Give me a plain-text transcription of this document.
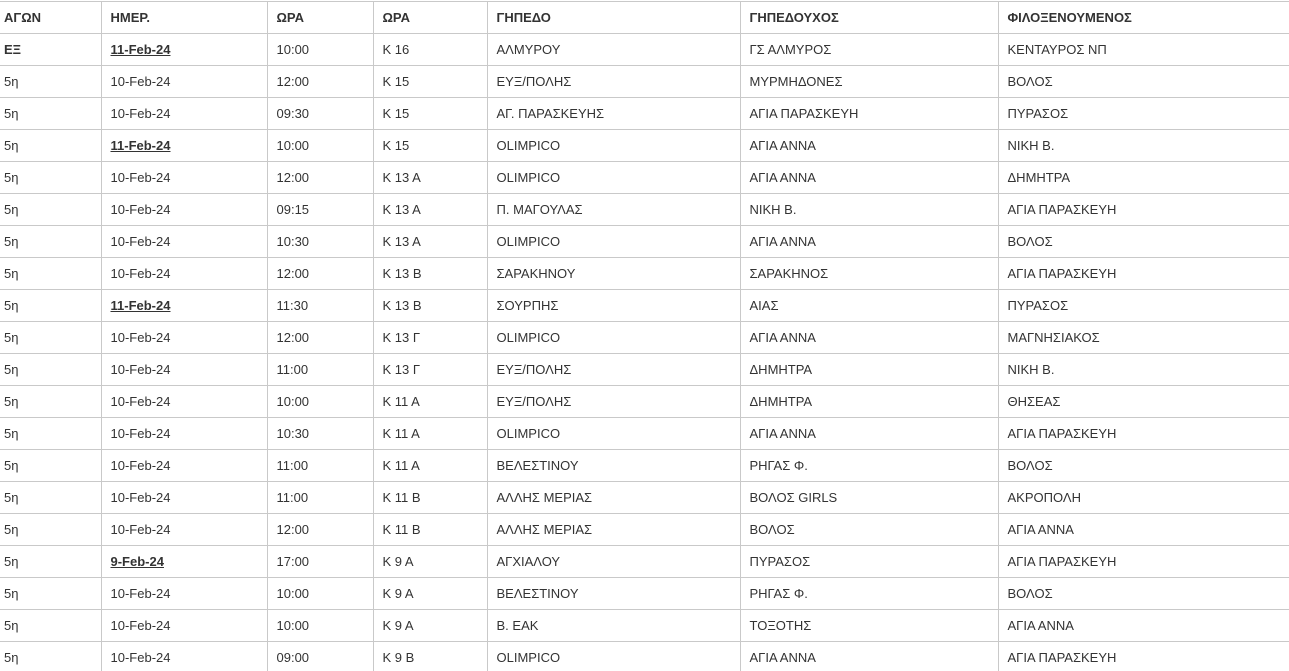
ΑΓΩΝ	ΗΜΕΡ.	ΩΡΑ	ΩΡΑ	ΓΗΠΕΔΟ	ΓΗΠΕΔΟΥΧΟΣ	ΦΙΛΟΞΕΝΟΥΜΕΝΟΣ
ΕΞ	11-Feb-24	10:00	Κ 16	ΑΛΜΥΡΟΥ	ΓΣ ΑΛΜΥΡΟΣ	ΚΕΝΤΑΥΡΟΣ ΝΠ
5η	10-Feb-24	12:00	Κ 15	ΕΥΞ/ΠΟΛΗΣ	ΜΥΡΜΗΔΟΝΕΣ	ΒΟΛΟΣ
5η	10-Feb-24	09:30	Κ 15	ΑΓ. ΠΑΡΑΣΚΕΥΗΣ	ΑΓΙΑ ΠΑΡΑΣΚΕΥΗ	ΠΥΡΑΣΟΣ
5η	11-Feb-24	10:00	Κ 15	OLIMPICO	ΑΓΙΑ ΑΝΝΑ	ΝΙΚΗ Β.
5η	10-Feb-24	12:00	Κ 13 Α	OLIMPICO	ΑΓΙΑ ΑΝΝΑ	ΔΗΜΗΤΡΑ
5η	10-Feb-24	09:15	Κ 13 Α	Π. ΜΑΓΟΥΛΑΣ	ΝΙΚΗ Β.	ΑΓΙΑ ΠΑΡΑΣΚΕΥΗ
5η	10-Feb-24	10:30	Κ 13 Α	OLIMPICO	ΑΓΙΑ ΑΝΝΑ	ΒΟΛΟΣ
5η	10-Feb-24	12:00	Κ 13 Β	ΣΑΡΑΚΗΝΟΥ	ΣΑΡΑΚΗΝΟΣ	ΑΓΙΑ ΠΑΡΑΣΚΕΥΗ
5η	11-Feb-24	11:30	Κ 13 Β	ΣΟΥΡΠΗΣ	ΑΙΑΣ	ΠΥΡΑΣΟΣ
5η	10-Feb-24	12:00	Κ 13 Γ	OLIMPICO	ΑΓΙΑ ΑΝΝΑ	ΜΑΓΝΗΣΙΑΚΟΣ
5η	10-Feb-24	11:00	Κ 13 Γ	ΕΥΞ/ΠΟΛΗΣ	ΔΗΜΗΤΡΑ	ΝΙΚΗ Β.
5η	10-Feb-24	10:00	Κ 11 Α	ΕΥΞ/ΠΟΛΗΣ	ΔΗΜΗΤΡΑ	ΘΗΣΕΑΣ
5η	10-Feb-24	10:30	Κ 11 Α	OLIMPICO	ΑΓΙΑ ΑΝΝΑ	ΑΓΙΑ ΠΑΡΑΣΚΕΥΗ
5η	10-Feb-24	11:00	Κ 11 Α	ΒΕΛΕΣΤΙΝΟΥ	ΡΗΓΑΣ Φ.	ΒΟΛΟΣ
5η	10-Feb-24	11:00	Κ 11 Β	ΑΛΛΗΣ ΜΕΡΙΑΣ	ΒΟΛΟΣ GIRLS	ΑΚΡΟΠΟΛΗ
5η	10-Feb-24	12:00	Κ 11 Β	ΑΛΛΗΣ ΜΕΡΙΑΣ	ΒΟΛΟΣ	ΑΓΙΑ ΑΝΝΑ
5η	9-Feb-24	17:00	Κ 9 Α	ΑΓΧΙΑΛΟΥ	ΠΥΡΑΣΟΣ	ΑΓΙΑ ΠΑΡΑΣΚΕΥΗ
5η	10-Feb-24	10:00	Κ 9 Α	ΒΕΛΕΣΤΙΝΟΥ	ΡΗΓΑΣ Φ.	ΒΟΛΟΣ
5η	10-Feb-24	10:00	Κ 9 Α	Β. ΕΑΚ	ΤΟΞΟΤΗΣ	ΑΓΙΑ ΑΝΝΑ
5η	10-Feb-24	09:00	Κ 9 Β	OLIMPICO	ΑΓΙΑ ΑΝΝΑ	ΑΓΙΑ ΠΑΡΑΣΚΕΥΗ
